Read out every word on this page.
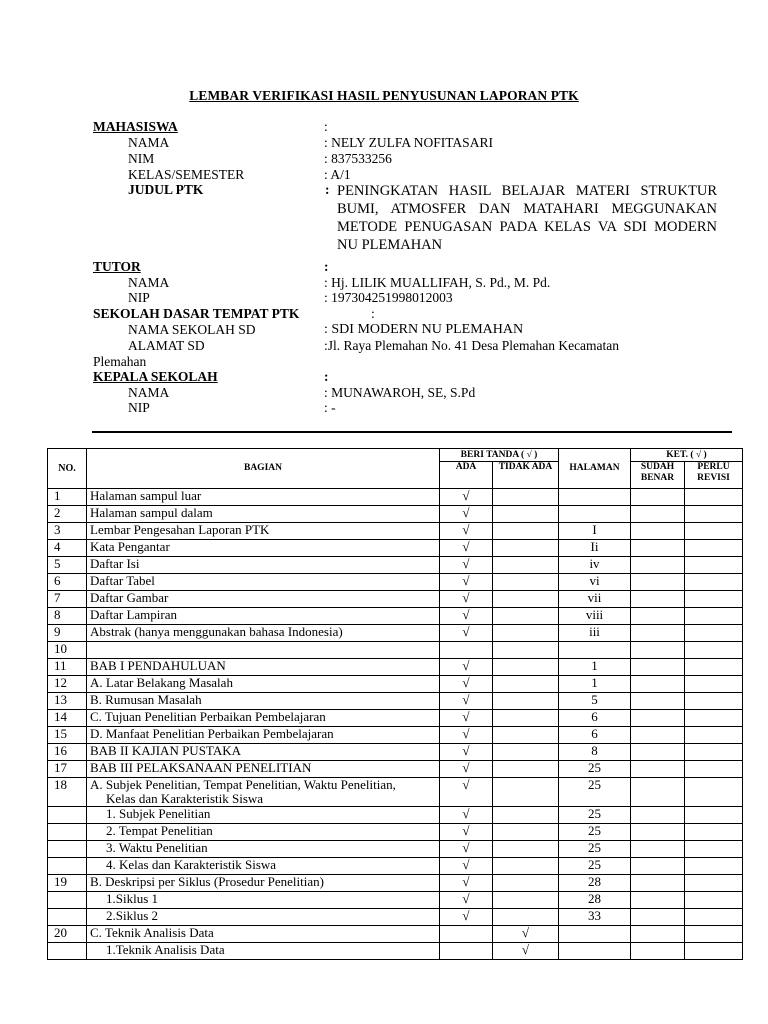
LEMBAR VERIFIKASI HASIL PENYUSUNAN LAPORAN PTK
MAHASISWA	:
NAMA	: NELY ZULFA NOFITASARI
NIM	: 837533256
KELAS/SEMESTER	: A/1
JUDUL PTK	: PENINGKATAN HASIL BELAJAR MATERI STRUKTUR BUMI, ATMOSFER DAN MATAHARI MEGGUNAKAN METODE PENUGASAN PADA KELAS VA SDI MODERN NU PLEMAHAN
TUTOR	:
NAMA	: Hj. LILIK MUALLIFAH, S. Pd., M. Pd.
NIP	: 197304251998012003
SEKOLAH DASAR TEMPAT PTK	:
NAMA SEKOLAH SD	: SDI MODERN NU PLEMAHAN
ALAMAT SD	:Jl. Raya Plemahan No. 41 Desa Plemahan Kecamatan
Plemahan
KEPALA SEKOLAH	:
NAMA	: MUNAWAROH, SE, S.Pd
NIP	: -
NO.	BAGIAN	BERI TANDA ( √ )		HALAMAN	KET. ( √ )	
		ADA	TIDAK ADA		SUDAH BENAR	PERLU REVISI
1	Halaman sampul luar	√				
2	Halaman sampul dalam	√				
3	Lembar Pengesahan Laporan PTK	√		I		
4	Kata Pengantar	√		Ii		
5	Daftar Isi	√		iv		
6	Daftar Tabel	√		vi		
7	Daftar Gambar	√		vii		
8	Daftar Lampiran	√		viii		
9	Abstrak (hanya menggunakan bahasa Indonesia)	√		iii		
10						
11	BAB I PENDAHULUAN	√		1		
12	A. Latar Belakang Masalah	√		1		
13	B. Rumusan Masalah	√		5		
14	C. Tujuan Penelitian Perbaikan Pembelajaran	√		6		
15	D. Manfaat Penelitian Perbaikan Pembelajaran	√		6		
16	BAB II KAJIAN PUSTAKA	√		8		
17	BAB III PELAKSANAAN PENELITIAN	√		25		
18	A. Subjek Penelitian, Tempat Penelitian, Waktu Penelitian,
Kelas dan Karakteristik Siswa	√		25		
	1. Subjek Penelitian	√		25		
	2. Tempat Penelitian	√		25		
	3. Waktu Penelitian	√		25		
	4. Kelas dan Karakteristik Siswa	√		25		
19	B. Deskripsi per Siklus (Prosedur Penelitian)	√		28		
	1.Siklus 1	√		28		
	2.Siklus 2	√		33		
20	C. Teknik Analisis Data		√			
	1.Teknik Analisis Data		√			
